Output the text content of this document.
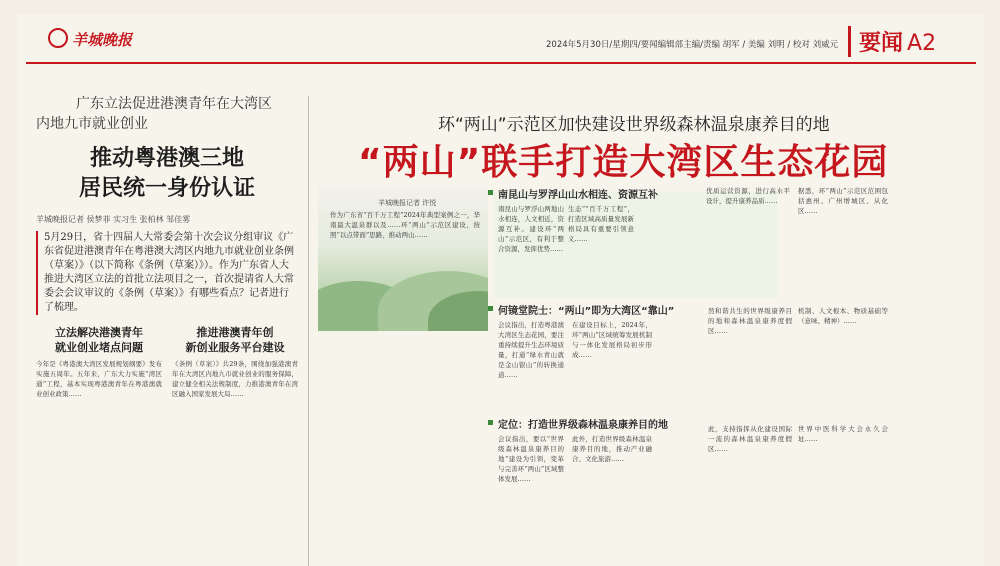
羊城晚报	2024年5月30日/星期四/要闻编辑部主编/责编 胡军 / 美编 刘明 / 校对 刘威元 要闻 A2
广东立法促进港澳青年在大湾区
内地九市就业创业
推动粤港澳三地
居民统一身份认证
羊城晚报记者 侯梦菲 实习生 张柏林 邹佳雾
5月29日，省十四届人大常委会第十次会议分组审议《广东省促进港澳青年在粤港澳大湾区内地九市就业创业条例（草案）》（以下简称《条例（草案）》）。作为广东省人大推进大湾区立法的首批立法项目之一，首次提请省人大常委会会议审议的《条例（草案）》有哪些看点？记者进行了梳理。
立法解决港澳青年
就业创业堵点问题
今年是《粤港澳大湾区发展规划纲要》发布实施五周年。五年来，广东大力实施“湾区通”工程，基本实现粤港澳青年在粤港澳就业创业政策……
推进港澳青年创
新创业服务平台建设
《条例（草案）》共29条，围绕加强港澳青年在大湾区内地九市就业创业的服务保障，建立健全相关法规制度，力推港澳青年在湾区融入国家发展大局……
环“两山”示范区加快建设世界级森林温泉康养目的地
“两山”联手打造大湾区生态花园
羊城晚报记者 许悦
作为广东省“百千万工程”2024年典型案例之一，华南最大温泉群以及……环“两山”示范区建设，按照“以点带面”思路，推动两山……
南昆山与罗浮山山水相连、资源互补
南昆山与罗浮山两地山水相连，人文相近，资源互补。建设环“两山”示范区，有利于整合资源，发挥优势……
生态”“百千万工程”，打造区域高质量发展新格局具有重要引领意义……
优质运营资源，进行高水平设计，提升康养品质……
据悉，环“两山”示范区范围包括惠州、广州增城区、从化区……
何镜堂院士：“两山”即为大湾区“靠山”
会议指出，打造粤港澳大湾区生态花园，要注重持续提升生态环境质量，打通“绿水青山就是金山银山”的转换通道……
在建设目标上，2024年，环“两山”区域统筹发展机制与一体化发展格局初步形成……
然和谐共生的世界级康养目的地和森林温泉康养度假区……
机制、人文根本、物质基础等（意味、精神）……
定位：打造世界级森林温泉康养目的地
会议指出，要以“世界级森林温泉康养目的地”建设为引领，变革与完善环“两山”区域整体发展……
此外，打造世界级森林温泉康养目的地，推动产业融合、文化旅游……
此，支持指挥从化建设国际一流的森林温泉康养度假区……
世界中医科学大会永久会址……
